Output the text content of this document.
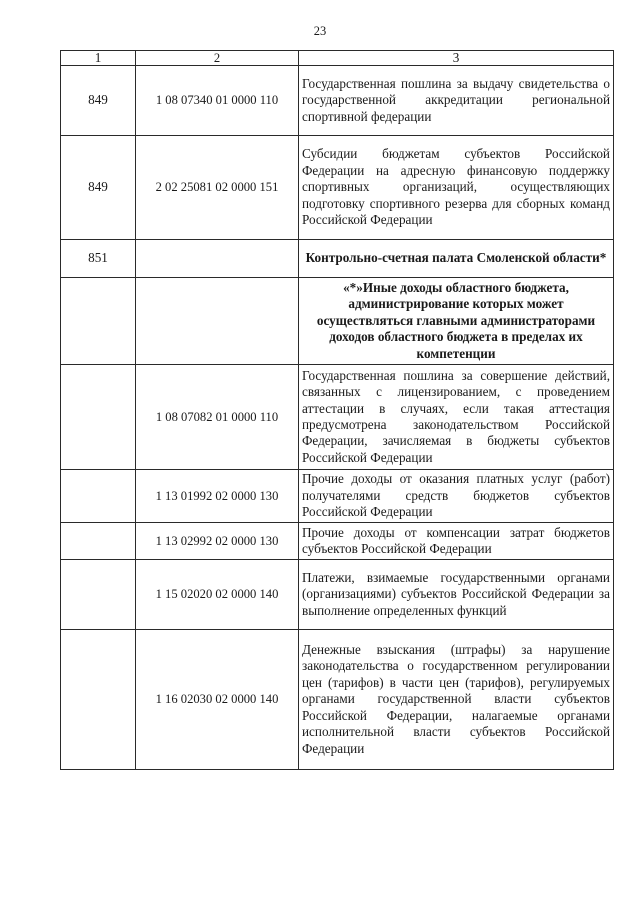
23
1	2	3
849	1 08 07340 01 0000 110	Государственная пошлина за выдачу свидетельства о государственной аккредитации региональной спортивной федерации
849	2 02 25081 02 0000 151	Субсидии бюджетам субъектов Российской Федерации на адресную финансовую поддержку спортивных организаций, осуществляющих подготовку спортивного резерва для сборных команд Российской Федерации
851		Контрольно-счетная палата Смоленской области*
		«*»Иные доходы областного бюджета, администрирование которых может осуществляться главными администраторами доходов областного бюджета в пределах их компетенции
	1 08 07082 01 0000 110	Государственная пошлина за совершение действий, связанных с лицензированием, с проведением аттестации в случаях, если такая аттестация предусмотрена законодательством Российской Федерации, зачисляемая в бюджеты субъектов Российской Федерации
	1 13 01992 02 0000 130	Прочие доходы от оказания платных услуг (работ) получателями средств бюджетов субъектов Российской Федерации
	1 13 02992 02 0000 130	Прочие доходы от компенсации затрат бюджетов субъектов Российской Федерации
	1 15 02020 02 0000 140	Платежи, взимаемые государственными органами (организациями) субъектов Российской Федерации за выполнение определенных функций
	1 16 02030 02 0000 140	Денежные взыскания (штрафы) за нарушение законодательства о государственном регулировании цен (тарифов) в части цен (тарифов), регулируемых органами государственной власти субъектов Российской Федерации, налагаемые органами исполнительной власти субъектов Российской Федерации
